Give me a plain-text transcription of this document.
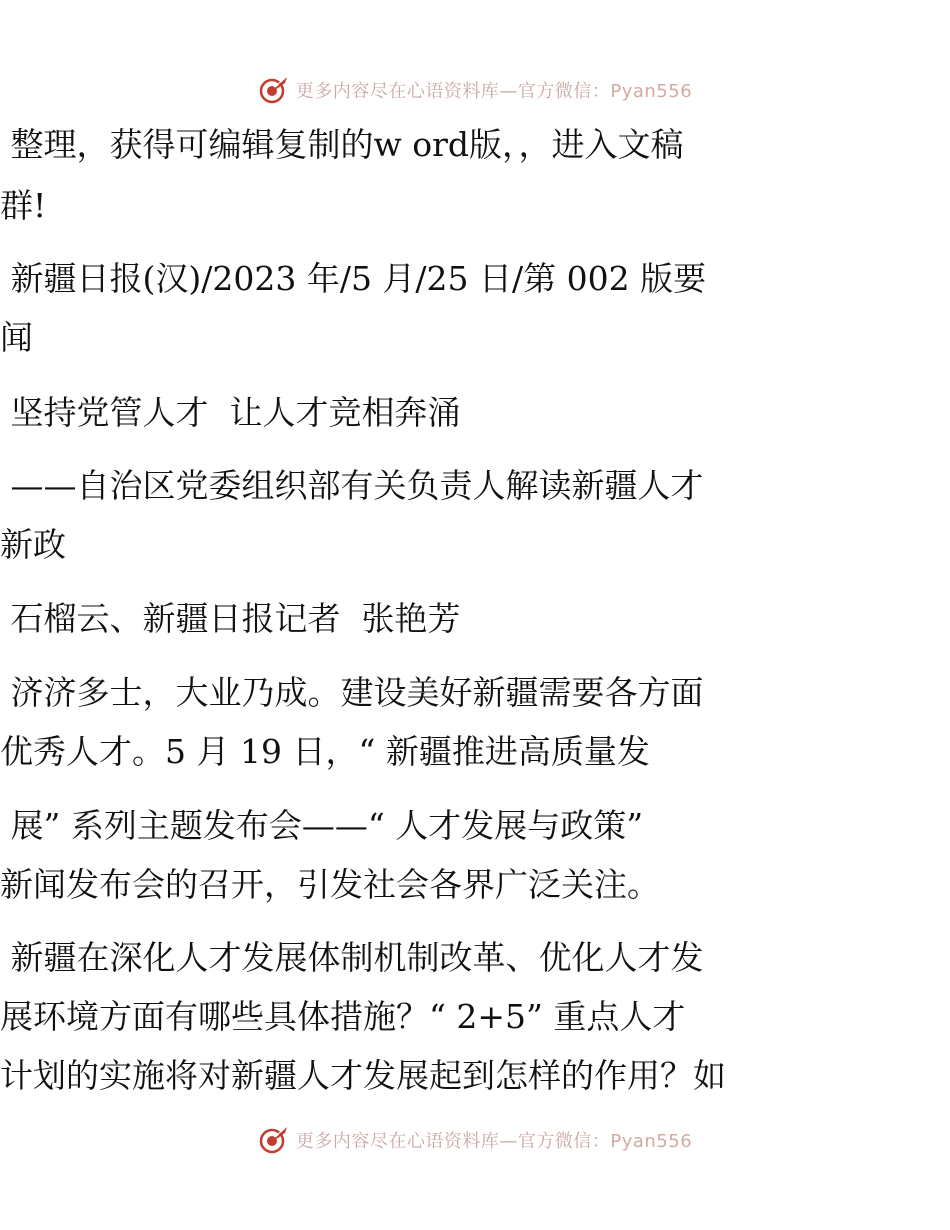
更多内容尽在心语资料库—官方微信：Pyan556
整理，获得可编辑复制的w ord版，，进入文稿
群!
新疆日报(汉)/2023 年/5 月/25 日/第 002 版要
闻
坚持党管人才  让人才竞相奔涌
——自治区党委组织部有关负责人解读新疆人才
新政
石榴云、新疆日报记者  张艳芳
济济多士，大业乃成。建设美好新疆需要各方面
优秀人才。5 月 19 日，“ 新疆推进高质量发
展” 系列主题发布会——“ 人才发展与政策”
新闻发布会的召开，引发社会各界广泛关注。
新疆在深化人才发展体制机制改革、优化人才发
展环境方面有哪些具体措施？“ 2+5” 重点人才
计划的实施将对新疆人才发展起到怎样的作用？如
更多内容尽在心语资料库—官方微信：Pyan556
